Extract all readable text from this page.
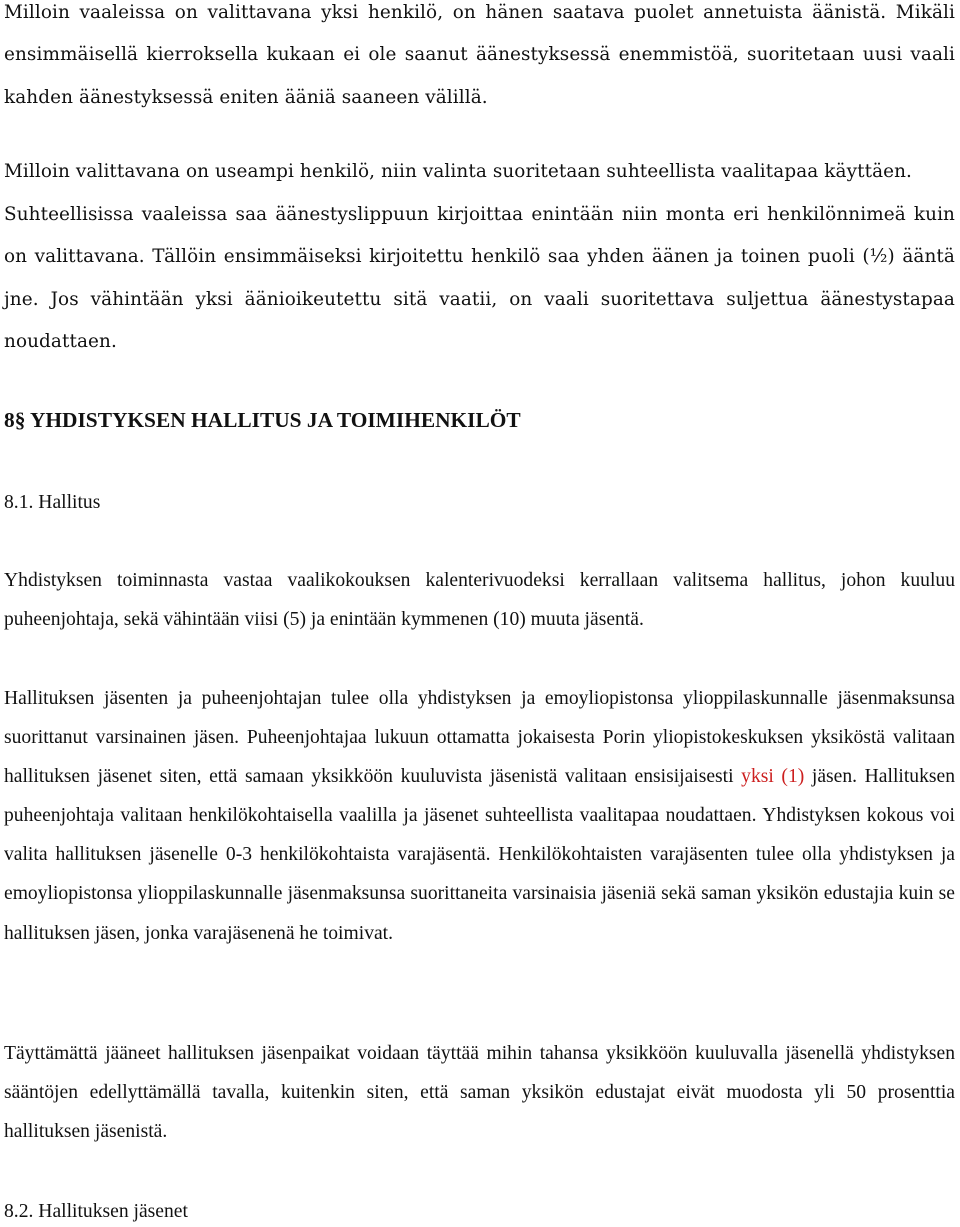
Milloin vaaleissa on valittavana yksi henkilö, on hänen saatava puolet annetuista äänistä. Mikäli ensimmäisellä kierroksella kukaan ei ole saanut äänestyksessä enemmistöä, suoritetaan uusi vaali kahden äänestyksessä eniten ääniä saaneen välillä.

Milloin valittavana on useampi henkilö, niin valinta suoritetaan suhteellista vaalitapaa käyttäen.

Suhteellisissa vaaleissa saa äänestyslippuun kirjoittaa enintään niin monta eri henkilönnimeä kuin on valittavana. Tällöin ensimmäiseksi kirjoitettu henkilö saa yhden äänen ja toinen puoli (½) ääntä jne. Jos vähintään yksi äänioikeutettu sitä vaatii, on vaali suoritettava suljettua äänestystapaa noudattaen.

8§ YHDISTYKSEN HALLITUS JA TOIMIHENKILÖT

8.1. Hallitus

Yhdistyksen toiminnasta vastaa vaalikokouksen kalenterivuodeksi kerrallaan valitsema hallitus, johon kuuluu puheenjohtaja, sekä vähintään viisi (5) ja enintään kymmenen (10) muuta jäsentä.

Hallituksen jäsenten ja puheenjohtajan tulee olla yhdistyksen ja emoyliopistonsa ylioppilaskunnalle jäsenmaksunsa suorittanut varsinainen jäsen. Puheenjohtajaa lukuun ottamatta jokaisesta Porin yliopistokeskuksen yksiköstä valitaan hallituksen jäsenet siten, että samaan yksikköön kuuluvista jäsenistä valitaan ensisijaisesti yksi (1) jäsen. Hallituksen puheenjohtaja valitaan henkilökohtaisella vaalilla ja jäsenet suhteellista vaalitapaa noudattaen. Yhdistyksen kokous voi valita hallituksen jäsenelle 0-3 henkilökohtaista varajäsentä. Henkilökohtaisten varajäsenten tulee olla yhdistyksen ja emoyliopistonsa ylioppilaskunnalle jäsenmaksunsa suorittaneita varsinaisia jäseniä sekä saman yksikön edustajia kuin se hallituksen jäsen, jonka varajäsenenä he toimivat.

Täyttämättä jääneet hallituksen jäsenpaikat voidaan täyttää mihin tahansa yksikköön kuuluvalla jäsenellä yhdistyksen sääntöjen edellyttämällä tavalla, kuitenkin siten, että saman yksikön edustajat eivät muodosta yli 50 prosenttia hallituksen jäsenistä.

8.2. Hallituksen jäsenet
